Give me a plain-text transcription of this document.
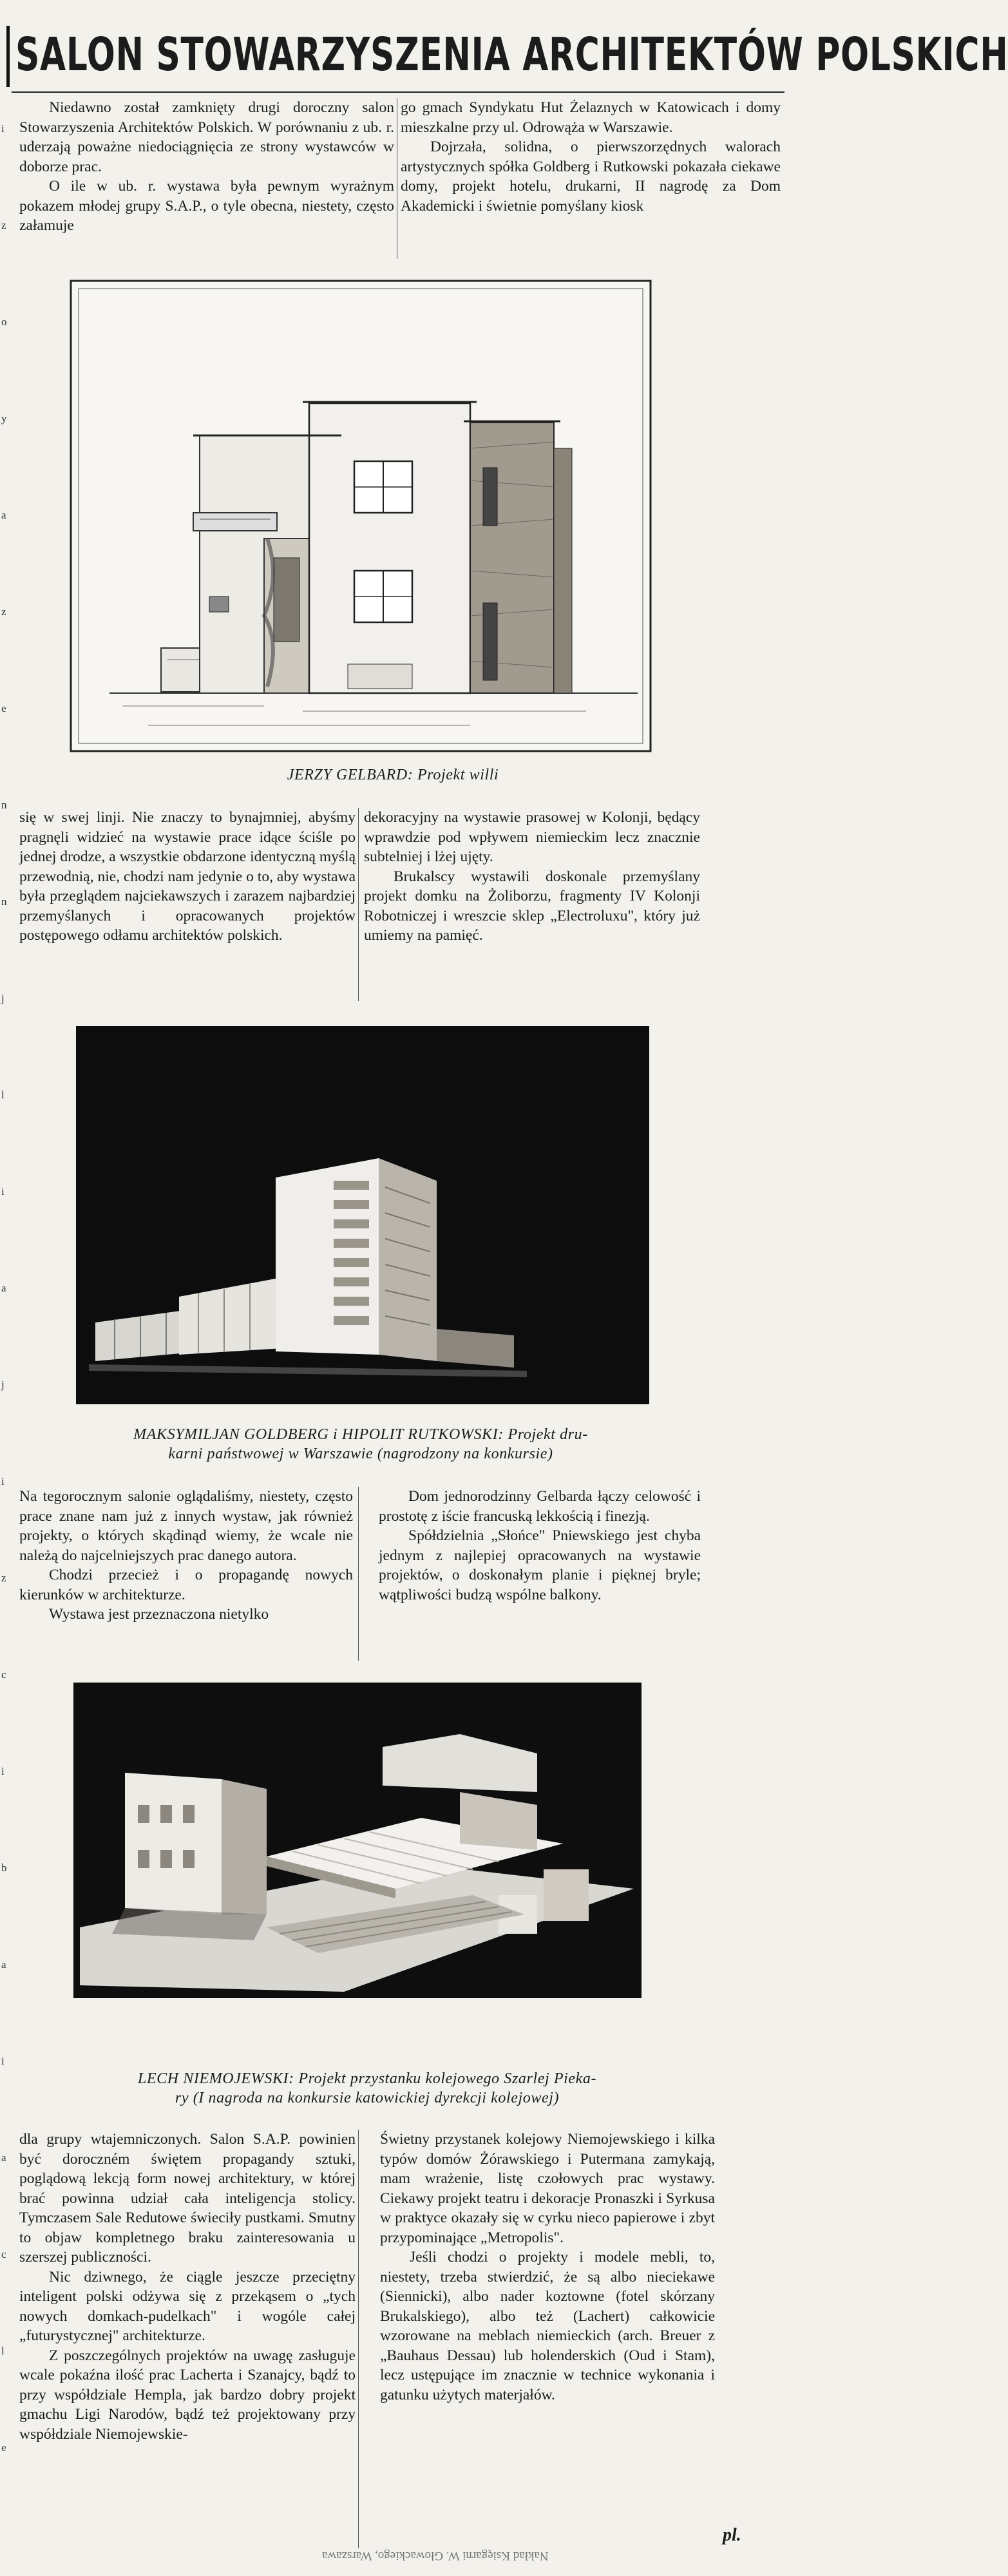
i
z
o
y
a
z
e
n
n
j
l
i
a
j
i
z
c
i
b
a
i
a
c
l
e
SALON STOWARZYSZENIA ARCHITEKTÓW POLSKICH

Niedawno został zamknięty drugi doroczny salon Stowarzyszenia Architektów Polskich. W porównaniu z ub. r. uderzają poważne niedociągnięcia ze strony wystawców w doborze prac.

O ile w ub. r. wystawa była pewnym wyrażnym pokazem młodej grupy S.A.P., o tyle obecna, niestety, często załamuje

go gmach Syndykatu Hut Żelaznych w Katowicach i domy mieszkalne przy ul. Odrowąża w Warszawie.

Dojrzała, solidna, o pierwszorzędnych walorach artystycznych spółka Goldberg i Rutkowski pokazała ciekawe domy, projekt hotelu, drukarni, II nagrodę za Dom Akademicki i świetnie pomyślany kiosk

JERZY GELBARD: Projekt willi

się w swej linji. Nie znaczy to bynajmniej, abyśmy pragnęli widzieć na wystawie prace idące ściśle po jednej drodze, a wszystkie obdarzone identyczną myślą przewodnią, nie, chodzi nam jedynie o to, aby wystawa była przeglądem najciekawszych i zarazem najbardziej przemyślanych i opracowanych projektów postępowego odłamu architektów polskich.

dekoracyjny na wystawie prasowej w Kolonji, będący wprawdzie pod wpływem niemieckim lecz znacznie subtelniej i lżej ujęty.

Brukalscy wystawili doskonale przemyślany projekt domku na Żoliborzu, fragmenty IV Kolonji Robotniczej i wreszcie sklep „Electroluxu", który już umiemy na pamięć.

MAKSYMILJAN GOLDBERG i HIPOLIT RUTKOWSKI: Projekt dru-
karni państwowej w Warszawie (nagrodzony na konkursie)

Na tegorocznym salonie oglądaliśmy, niestety, często prace znane nam już z innych wystaw, jak również projekty, o których skądinąd wiemy, że wcale nie należą do najcelniejszych prac danego autora.

Chodzi przecież i o propagandę nowych kierunków w architekturze.

Wystawa jest przeznaczona nietylko

Dom jednorodzinny Gelbarda łączy celowość i prostotę z iście francuską lekkością i finezją.

Spółdzielnia „Słońce" Pniewskiego jest chyba jednym z najlepiej opracowanych na wystawie projektów, o doskonałym planie i pięknej bryle; wątpliwości budzą wspólne balkony.

LECH NIEMOJEWSKI: Projekt przystanku kolejowego Szarlej Pieka-
ry (I nagroda na konkursie katowickiej dyrekcji kolejowej)

dla grupy wtajemniczonych. Salon S.A.P. powinien być doroczném świętem propagandy sztuki, poglądową lekcją form nowej architektury, w której brać powinna udział cała inteligencja stolicy. Tymczasem Sale Redutowe świeciły pustkami. Smutny to objaw kompletnego braku zainteresowania u szerszej publiczności.

Nic dziwnego, że ciągle jeszcze przeciętny inteligent polski odżywa się z przekąsem o „tych nowych domkach-pudelkach" i wogóle całej „futurystycznej" architekturze.

Z poszczególnych projektów na uwagę zasługuje wcale pokaźna ilość prac Lacherta i Szanajcy, bądź to przy współdziale Hempla, jak bardzo dobry projekt gmachu Ligi Narodów, bądź też projektowany przy współdziale Niemojewskie-

Świetny przystanek kolejowy Niemojewskiego i kilka typów domów Żórawskiego i Putermana zamykają, mam wrażenie, listę czołowych prac wystawy. Ciekawy projekt teatru i dekoracje Pronaszki i Syrkusa w praktyce okazały się w cyrku nieco papierowe i zbyt przypominające „Metropolis".

Jeśli chodzi o projekty i modele mebli, to, niestety, trzeba stwierdzić, że są albo nieciekawe (Siennicki), albo nader koztowne (fotel skórzany Brukalskiego), albo też (Lachert) całkowicie wzorowane na meblach niemieckich (arch. Breuer z „Bauhaus Dessau) lub holenderskich (Oud i Stam), lecz ustępujące im znacznie w technice wykonania i gatunku użytych materjałów.

Nakład Księgarni W. Głowackiego, Warszawa
pl.
